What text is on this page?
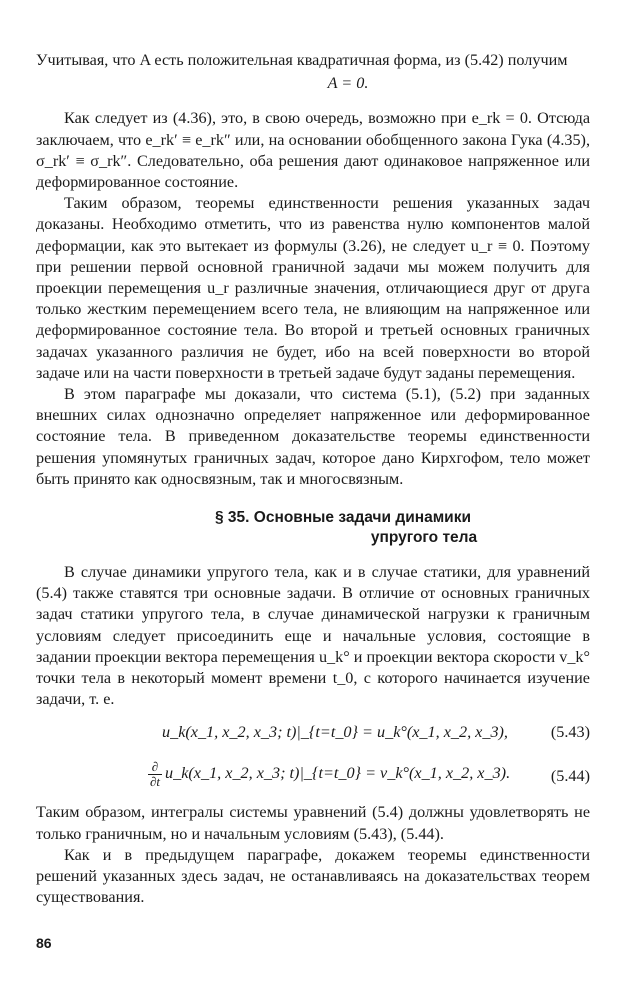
Учитывая, что A есть положительная квадратичная форма, из (5.42) получим

A = 0.

Как следует из (4.36), это, в свою очередь, возможно при e_rk = 0. Отсюда заключаем, что e_rk′ ≡ e_rk″ или, на основании обобщенного закона Гука (4.35), σ_rk′ ≡ σ_rk″. Следовательно, оба решения дают одинаковое напряженное или деформированное состояние.

Таким образом, теоремы единственности решения указанных задач доказаны. Необходимо отметить, что из равенства нулю компонентов малой деформации, как это вытекает из формулы (3.26), не следует u_r ≡ 0. Поэтому при решении первой основной граничной задачи мы можем получить для проекции перемещения u_r различные значения, отличающиеся друг от друга только жестким перемещением всего тела, не влияющим на напряженное или деформированное состояние тела. Во второй и третьей основных граничных задачах указанного различия не будет, ибо на всей поверхности во второй задаче или на части поверхности в третьей задаче будут заданы перемещения.

В этом параграфе мы доказали, что система (5.1), (5.2) при заданных внешних силах однозначно определяет напряженное или деформированное состояние тела. В приведенном доказательстве теоремы единственности решения упомянутых граничных задач, которое дано Кирхгофом, тело может быть принято как односвязным, так и многосвязным.

§ 35. Основные задачи динамики
упругого тела

В случае динамики упругого тела, как и в случае статики, для уравнений (5.4) также ставятся три основные задачи. В отличие от основных граничных задач статики упругого тела, в случае динамической нагрузки к граничным условиям следует присоединить еще и начальные условия, состоящие в задании проекции вектора перемещения u_k° и проекции вектора скорости v_k° точки тела в некоторый момент времени t_0, с которого начинается изучение задачи, т. е.

u_k(x_1, x_2, x_3; t)|_{t=t_0} = u_k°(x_1, x_2, x_3),	(5.43)
$\frac{\partial}{\partial t}$ u_k(x_1, x_2, x_3; t)|_{t=t_0} = v_k°(x_1, x_2, x_3).	(5.44)

Таким образом, интегралы системы уравнений (5.4) должны удовлетворять не только граничным, но и начальным условиям (5.43), (5.44).

Как и в предыдущем параграфе, докажем теоремы единственности решений указанных здесь задач, не останавливаясь на доказательствах теорем существования.

86
